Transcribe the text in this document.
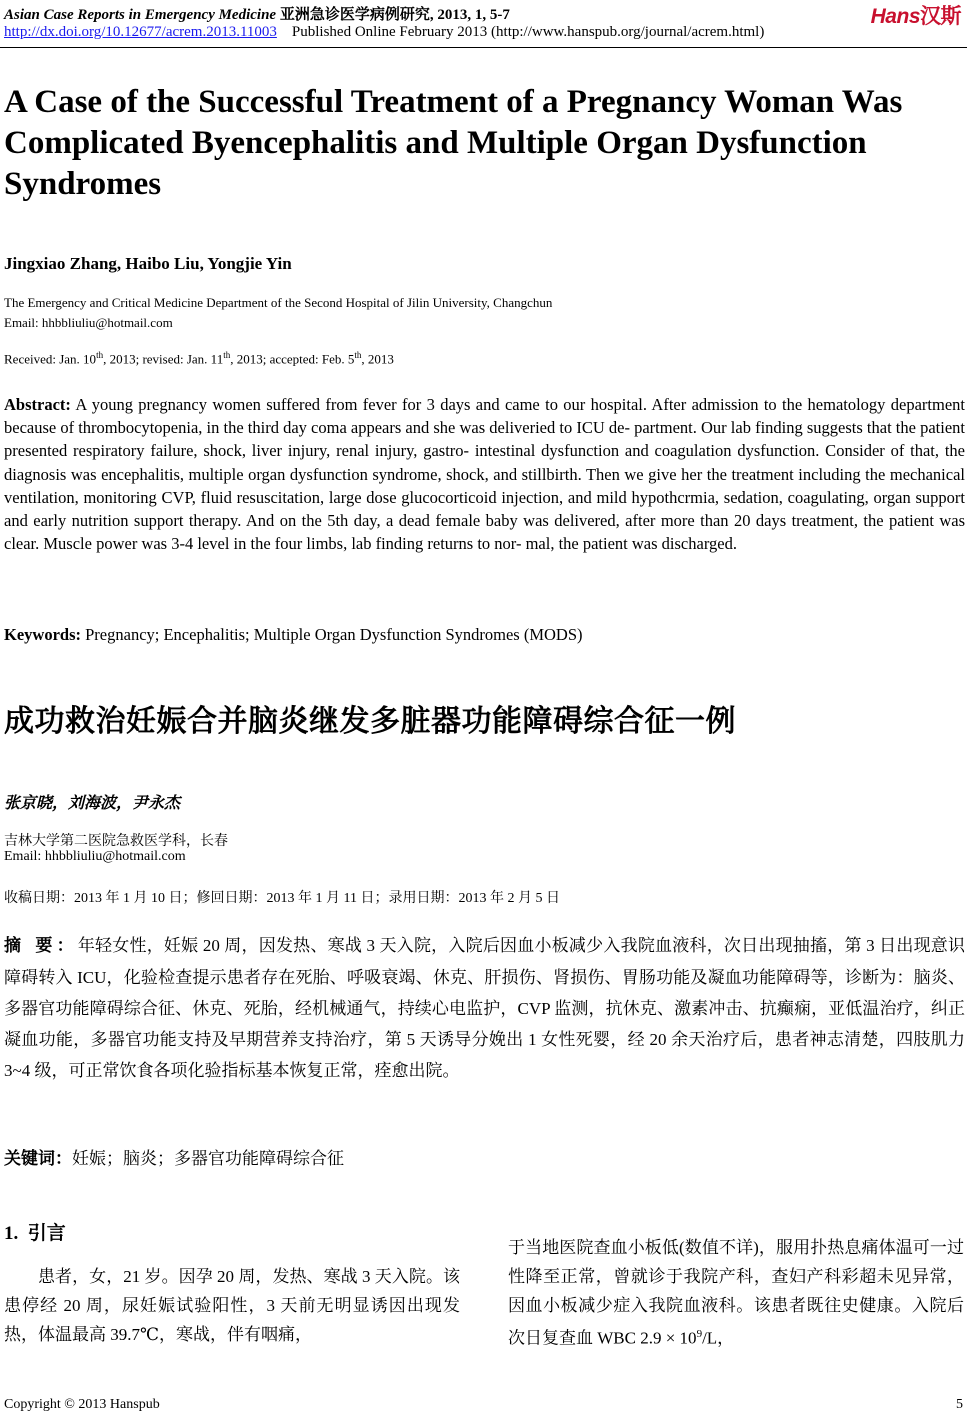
Asian Case Reports in Emergency Medicine 亚洲急诊医学病例研究, 2013, 1, 5-7	Hans汉斯
http://dx.doi.org/10.12677/acrem.2013.11003 Published Online February 2013 (http://www.hanspub.org/journal/acrem.html)
A Case of the Successful Treatment of a Pregnancy Woman Was Complicated Byencephalitis and Multiple Organ Dysfunction Syndromes
Jingxiao Zhang, Haibo Liu, Yongjie Yin
The Emergency and Critical Medicine Department of the Second Hospital of Jilin University, Changchun
Email: hhbbliuliu@hotmail.com
Received: Jan. 10th, 2013; revised: Jan. 11th, 2013; accepted: Feb. 5th, 2013
Abstract: A young pregnancy women suffered from fever for 3 days and came to our hospital. After admission to the hematology department because of thrombocytopenia, in the third day coma appears and she was deliveried to ICU de- partment. Our lab finding suggests that the patient presented respiratory failure, shock, liver injury, renal injury, gastro- intestinal dysfunction and coagulation dysfunction. Consider of that, the diagnosis was encephalitis, multiple organ dysfunction syndrome, shock, and stillbirth. Then we give her the treatment including the mechanical ventilation, monitoring CVP, fluid resuscitation, large dose glucocorticoid injection, and mild hypothcrmia, sedation, coagulating, organ support and early nutrition support therapy. And on the 5th day, a dead female baby was delivered, after more than 20 days treatment, the patient was clear. Muscle power was 3-4 level in the four limbs, lab finding returns to nor- mal, the patient was discharged.
Keywords: Pregnancy; Encephalitis; Multiple Organ Dysfunction Syndromes (MODS)
成功救治妊娠合并脑炎继发多脏器功能障碍综合征一例
张京晓，刘海波，尹永杰
吉林大学第二医院急救医学科，长春
Email: hhbbliuliu@hotmail.com
收稿日期：2013 年 1 月 10 日；修回日期：2013 年 1 月 11 日；录用日期：2013 年 2 月 5 日
摘 要：年轻女性，妊娠 20 周，因发热、寒战 3 天入院，入院后因血小板减少入我院血液科，次日出现抽搐，第 3 日出现意识障碍转入 ICU，化验检查提示患者存在死胎、呼吸衰竭、休克、肝损伤、肾损伤、胃肠功能及凝血功能障碍等，诊断为：脑炎、多器官功能障碍综合征、休克、死胎，经机械通气，持续心电监护，CVP 监测，抗休克、激素冲击、抗癫痫，亚低温治疗，纠正凝血功能，多器官功能支持及早期营养支持治疗，第 5 天诱导分娩出 1 女性死婴，经 20 余天治疗后，患者神志清楚，四肢肌力 3~4 级，可正常饮食各项化验指标基本恢复正常，痊愈出院。
关键词：妊娠；脑炎；多器官功能障碍综合征
1. 引言

患者，女，21 岁。因孕 20 周，发热、寒战 3 天入院。该患停经 20 周，尿妊娠试验阳性，3 天前无明显诱因出现发热，体温最高 39.7℃，寒战，伴有咽痛，

于当地医院查血小板低(数值不详)，服用扑热息痛体温可一过性降至正常，曾就诊于我院产科，查妇产科彩超未见异常，因血小板减少症入我院血液科。该患者既往史健康。入院后次日复查血 WBC $2.9 \times 10^9/L$，

Copyright © 2013 Hanspub	5
